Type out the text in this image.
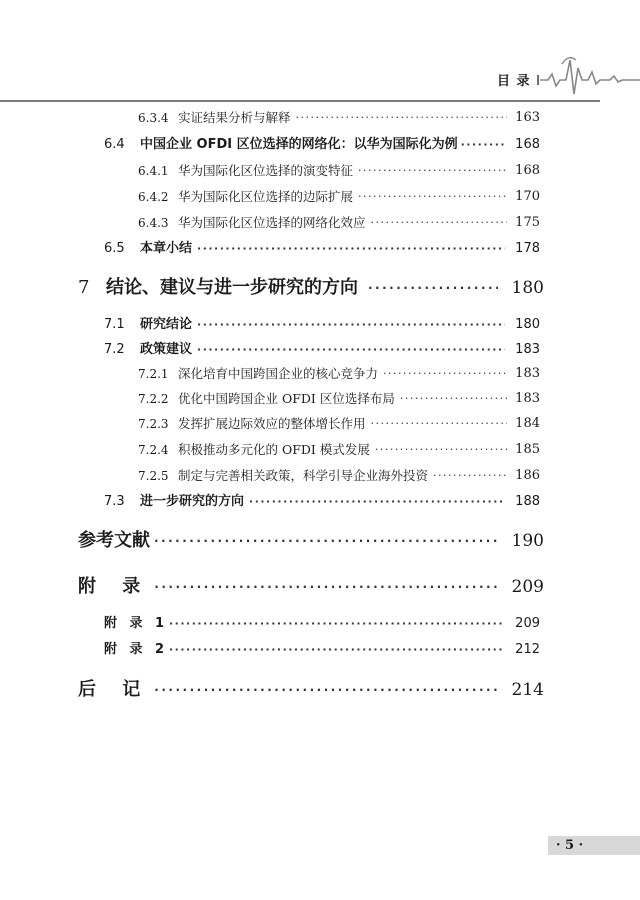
目 录 I
6.3.4 实证结果分析与解释 ·····	163
6.4	中国企业 OFDI 区位选择的网络化：以华为国际化为例 ·····	168
6.4.1 华为国际化区位选择的演变特征 ·····	168
6.4.2 华为国际化区位选择的边际扩展 ·····	170
6.4.3 华为国际化区位选择的网络化效应 ·····	175
6.5	本章小结 ·····	178
7 结论、建议与进一步研究的方向 ·····	180
7.1	研究结论 ·····	180
7.2	政策建议 ·····	183
7.2.1 深化培育中国跨国企业的核心竞争力 ·····	183
7.2.2 优化中国跨国企业 OFDI 区位选择布局 ·····	183
7.2.3 发挥扩展边际效应的整体增长作用 ·····	184
7.2.4 积极推动多元化的 OFDI 模式发展 ·····	185
7.2.5 制定与完善相关政策，科学引导企业海外投资 ·····	186
7.3	进一步研究的方向 ·····	188
参考文献 ·····	190
附 录 ·····	209
附 录 1 ·····	209
附 录 2 ·····	212
后 记 ·····	214
· 5 ·
